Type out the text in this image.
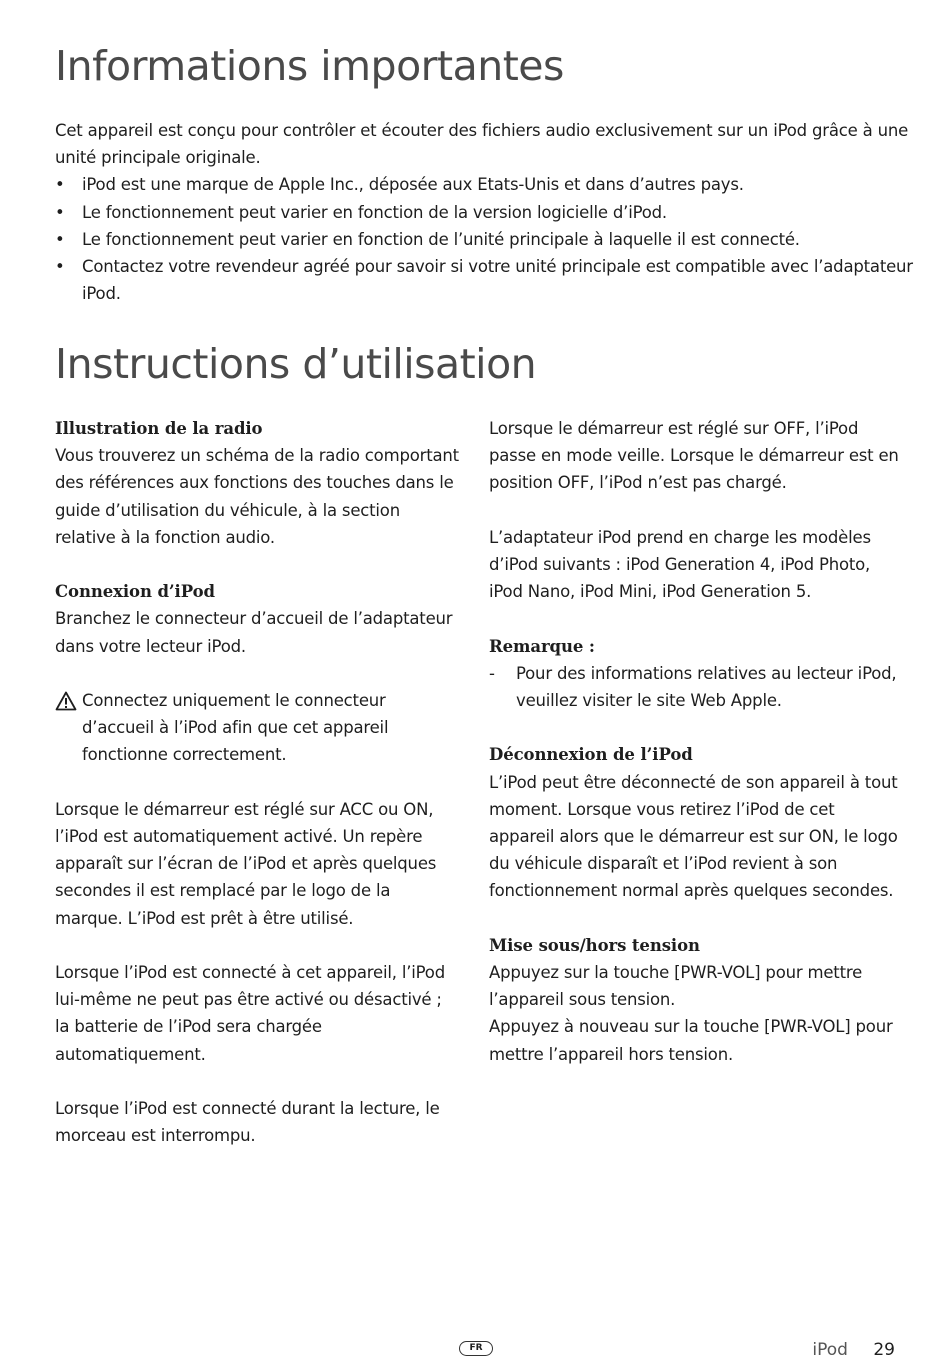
Informations importantes

Cet appareil est conçu pour contrôler et écouter des fichiers audio exclusivement sur un iPod grâce à une unité principale originale.

• iPod est une marque de Apple Inc., déposée aux Etats-Unis et dans d’autres pays.
• Le fonctionnement peut varier en fonction de la version logicielle d’iPod.
• Le fonctionnement peut varier en fonction de l’unité principale à laquelle il est connecté.
• Contactez votre revendeur agréé pour savoir si votre unité principale est compatible avec l’adaptateur iPod.
Instructions d’utilisation
Illustration de la radio

Vous trouverez un schéma de la radio comportant des références aux fonctions des touches dans le guide d’utilisation du véhicule, à la section relative à la fonction audio.

Connexion d’iPod

Branchez le connecteur d’accueil de l’adaptateur dans votre lecteur iPod.

Connectez uniquement le connecteur d’accueil à l’iPod afin que cet appareil fonctionne correctement.

Lorsque le démarreur est réglé sur ACC ou ON, l’iPod est automatiquement activé. Un repère apparaît sur l’écran de l’iPod et après quelques secondes il est remplacé par le logo de la marque. L’iPod est prêt à être utilisé.

Lorsque l’iPod est connecté à cet appareil, l’iPod lui-même ne peut pas être activé ou désactivé ; la batterie de l’iPod sera chargée automatiquement.

Lorsque l’iPod est connecté durant la lecture, le morceau est interrompu.

Lorsque le démarreur est réglé sur OFF, l’iPod passe en mode veille. Lorsque le démarreur est en position OFF, l’iPod n’est pas chargé.

L’adaptateur iPod prend en charge les modèles d’iPod suivants : iPod Generation 4, iPod Photo, iPod Nano, iPod Mini, iPod Generation 5.

Remarque :
- Pour des informations relatives au lecteur iPod, veuillez visiter le site Web Apple.
Déconnexion de l’iPod

L’iPod peut être déconnecté de son appareil à tout moment. Lorsque vous retirez l’iPod de cet appareil alors que le démarreur est sur ON, le logo du véhicule disparaît et l’iPod revient à son fonctionnement normal après quelques secondes.

Mise sous/hors tension
Appuyez sur la touche [PWR-VOL] pour mettre l’appareil sous tension.
Appuyez à nouveau sur la touche [PWR-VOL] pour mettre l’appareil hors tension.
FR	iPod 29
